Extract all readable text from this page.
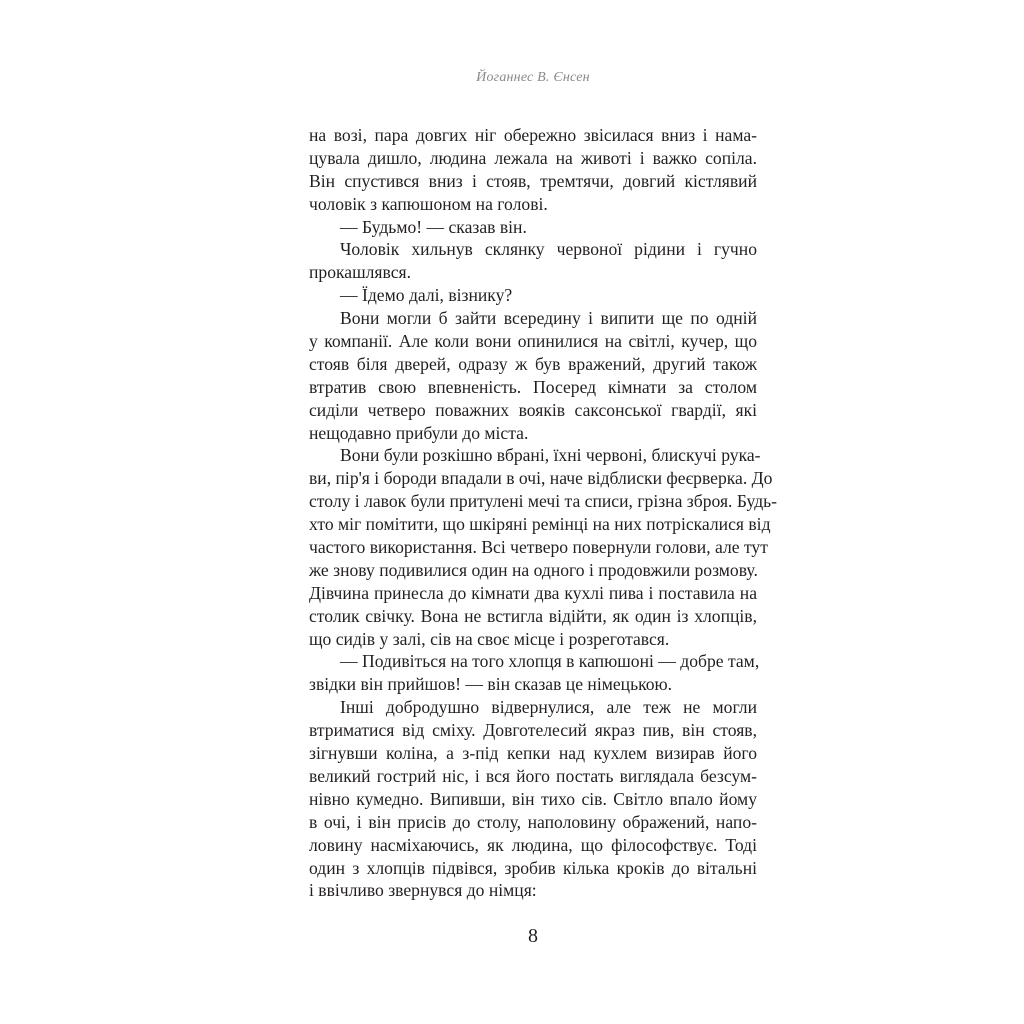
Йоганнес В. Єнсен
на возі, пара довгих ніг обережно звісилася вниз і нама-
цувала дишло, людина лежала на животі і важко сопіла.
Він спустився вниз і стояв, тремтячи, довгий кістлявий
чоловік з капюшоном на голові.
— Будьмо! — сказав він.
Чоловік хильнув склянку червоної рідини і гучно
прокашлявся.
— Їдемо далі, візнику?
Вони могли б зайти всередину і випити ще по одній
у компанії. Але коли вони опинилися на світлі, кучер, що
стояв біля дверей, одразу ж був вражений, другий також
втратив свою впевненість. Посеред кімнати за столом
сиділи четверо поважних вояків саксонської гвардії, які
нещодавно прибули до міста.
Вони були розкішно вбрані, їхні червоні, блискучі рука-
ви, пір'я і бороди впадали в очі, наче відблиски феєрверка. До
столу і лавок були притулені мечі та списи, грізна зброя. Будь-
хто міг помітити, що шкіряні ремінці на них потріскалися від
частого використання. Всі четверо повернули голови, але тут
же знову подивилися один на одного і продовжили розмову.
Дівчина принесла до кімнати два кухлі пива і поставила на
столик свічку. Вона не встигла відійти, як один із хлопців,
що сидів у залі, сів на своє місце і розреготався.
— Подивіться на того хлопця в капюшоні — добре там,
звідки він прийшов! — він сказав це німецькою.
Інші добродушно відвернулися, але теж не могли
втриматися від сміху. Довготелесий якраз пив, він стояв,
зігнувши коліна, а з-під кепки над кухлем визирав його
великий гострий ніс, і вся його постать виглядала безсум-
нівно кумедно. Випивши, він тихо сів. Світло впало йому
в очі, і він присів до столу, наполовину ображений, напо-
ловину насміхаючись, як людина, що філософствує. Тоді
один з хлопців підвівся, зробив кілька кроків до вітальні
і ввічливо звернувся до німця:
8
